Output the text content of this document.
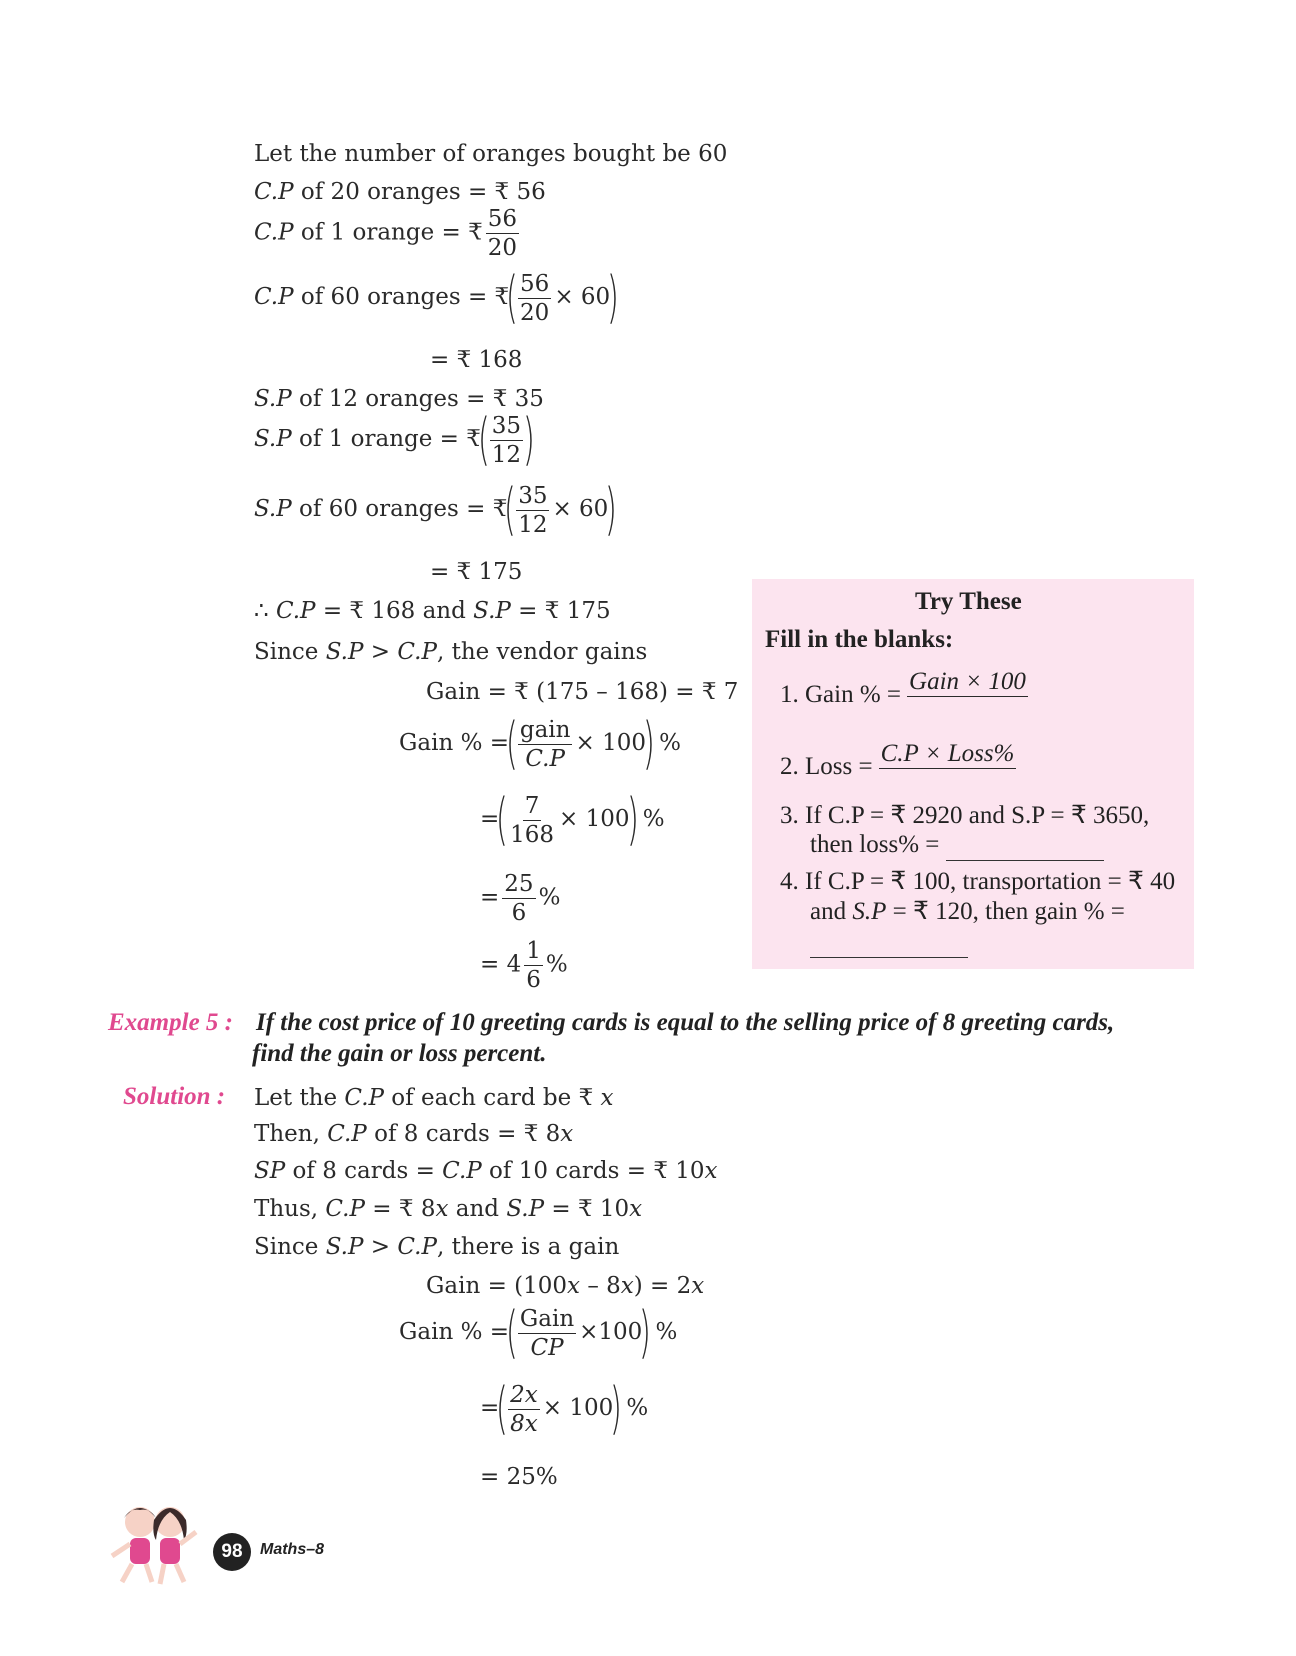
Let the number of oranges bought be 60
C.P of 20 oranges = ₹ 56
C.P of 1 orange = ₹ $\frac{56}{20}$
C.P of 60 oranges = ₹( $\frac{56}{20} \times 60$)
= ₹ 168
S.P of 12 oranges = ₹ 35
S.P of 1 orange = ₹( $\frac{35}{12}$ )
S.P of 60 oranges = ₹( $\frac{35}{12} \times 60$)
= ₹ 175
∴ C.P = ₹ 168 and S.P = ₹ 175
Since S.P > C.P, the vendor gains
Gain = ₹ (175 – 168) = ₹ 7
Gain % =( $\frac{\text{gain}}{C.P} \times 100$) %
=( $\frac{7}{168} \times 100$) %
= $\frac{25}{6}$ %
= $4 \frac{1}{6}$ %
Try These
Fill in the blanks:
1. Gain % = Gain × 100

2. Loss = C.P × Loss%

3. If C.P = ₹ 2920 and S.P = ₹ 3650,
then loss% =
4. If C.P = ₹ 100, transportation = ₹ 40
and S.P = ₹ 120, then gain % =

Example 5 : If the cost price of 10 greeting cards is equal to the selling price of 8 greeting cards,
find the gain or loss percent.
Solution : Let the C.P of each card be ₹ x
Then, C.P of 8 cards = ₹ 8x
SP of 8 cards = C.P of 10 cards = ₹ 10x
Thus, C.P = ₹ 8x and S.P = ₹ 10x
Since S.P > C.P, there is a gain
Gain = (100x – 8x) = 2x
Gain % =( $\frac{\text{Gain}}{CP} \times 100$) %
=( $\frac{2x}{8x} \times 100$) %
= 25%
98	Maths–8
